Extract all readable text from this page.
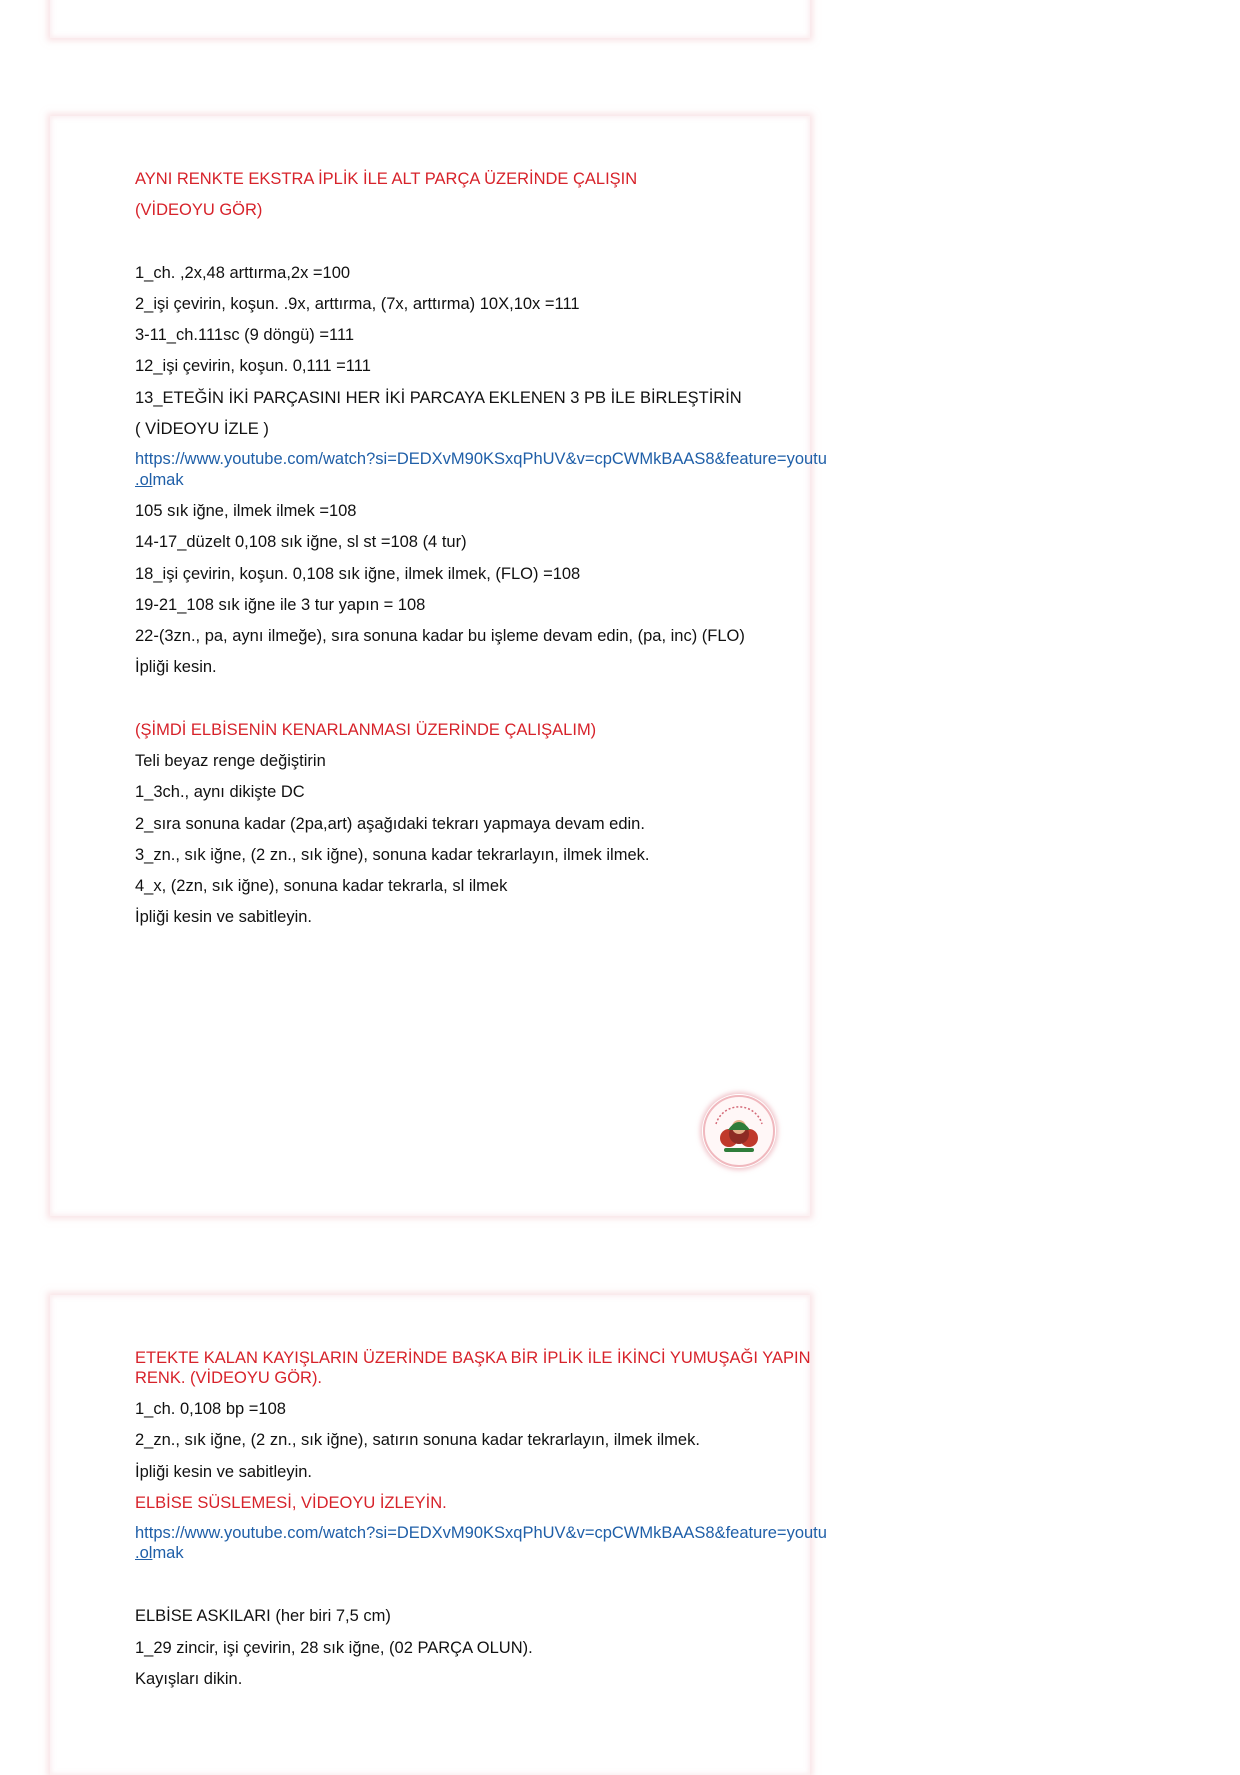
AYNI RENKTE EKSTRA İPLİK İLE ALT PARÇA ÜZERİNDE ÇALIŞIN

(VİDEOYU GÖR)

1_ch. ,2x,48 arttırma,2x =100

2_işi çevirin, koşun. .9x, arttırma, (7x, arttırma) 10X,10x =111

3-11_ch.111sc (9 döngü) =111

12_işi çevirin, koşun. 0,111 =111

13_ETEĞİN İKİ PARÇASINI HER İKİ PARCAYA EKLENEN 3 PB İLE BİRLEŞTİRİN

( VİDEOYU İZLE )

https://www.youtube.com/watch?si=DEDXvM90KSxqPhUV&v=cpCWMkBAAS8&feature=youtu

.olmak

105 sık iğne, ilmek ilmek =108

14-17_düzelt 0,108 sık iğne, sl st =108 (4 tur)

18_işi çevirin, koşun. 0,108 sık iğne, ilmek ilmek, (FLO) =108

19-21_108 sık iğne ile 3 tur yapın = 108

22-(3zn., pa, aynı ilmeğe), sıra sonuna kadar bu işleme devam edin, (pa, inc) (FLO)

İpliği kesin.

(ŞİMDİ ELBİSENİN KENARLANMASI ÜZERİNDE ÇALIŞALIM)

Teli beyaz renge değiştirin

1_3ch., aynı dikişte DC

2_sıra sonuna kadar (2pa,art) aşağıdaki tekrarı yapmaya devam edin.

3_zn., sık iğne, (2 zn., sık iğne), sonuna kadar tekrarlayın, ilmek ilmek.

4_x, (2zn, sık iğne), sonuna kadar tekrarla, sl ilmek

İpliği kesin ve sabitleyin.

ETEKTE KALAN KAYIŞLARIN ÜZERİNDE BAŞKA BİR İPLİK İLE İKİNCİ YUMUŞAĞI YAPIN

RENK. (VİDEOYU GÖR).

1_ch. 0,108 bp =108

2_zn., sık iğne, (2 zn., sık iğne), satırın sonuna kadar tekrarlayın, ilmek ilmek.

İpliği kesin ve sabitleyin.

ELBİSE SÜSLEMESİ, VİDEOYU İZLEYİN.

https://www.youtube.com/watch?si=DEDXvM90KSxqPhUV&v=cpCWMkBAAS8&feature=youtu

.olmak

ELBİSE ASKILARI (her biri 7,5 cm)

1_29 zincir, işi çevirin, 28 sık iğne, (02 PARÇA OLUN).

Kayışları dikin.
